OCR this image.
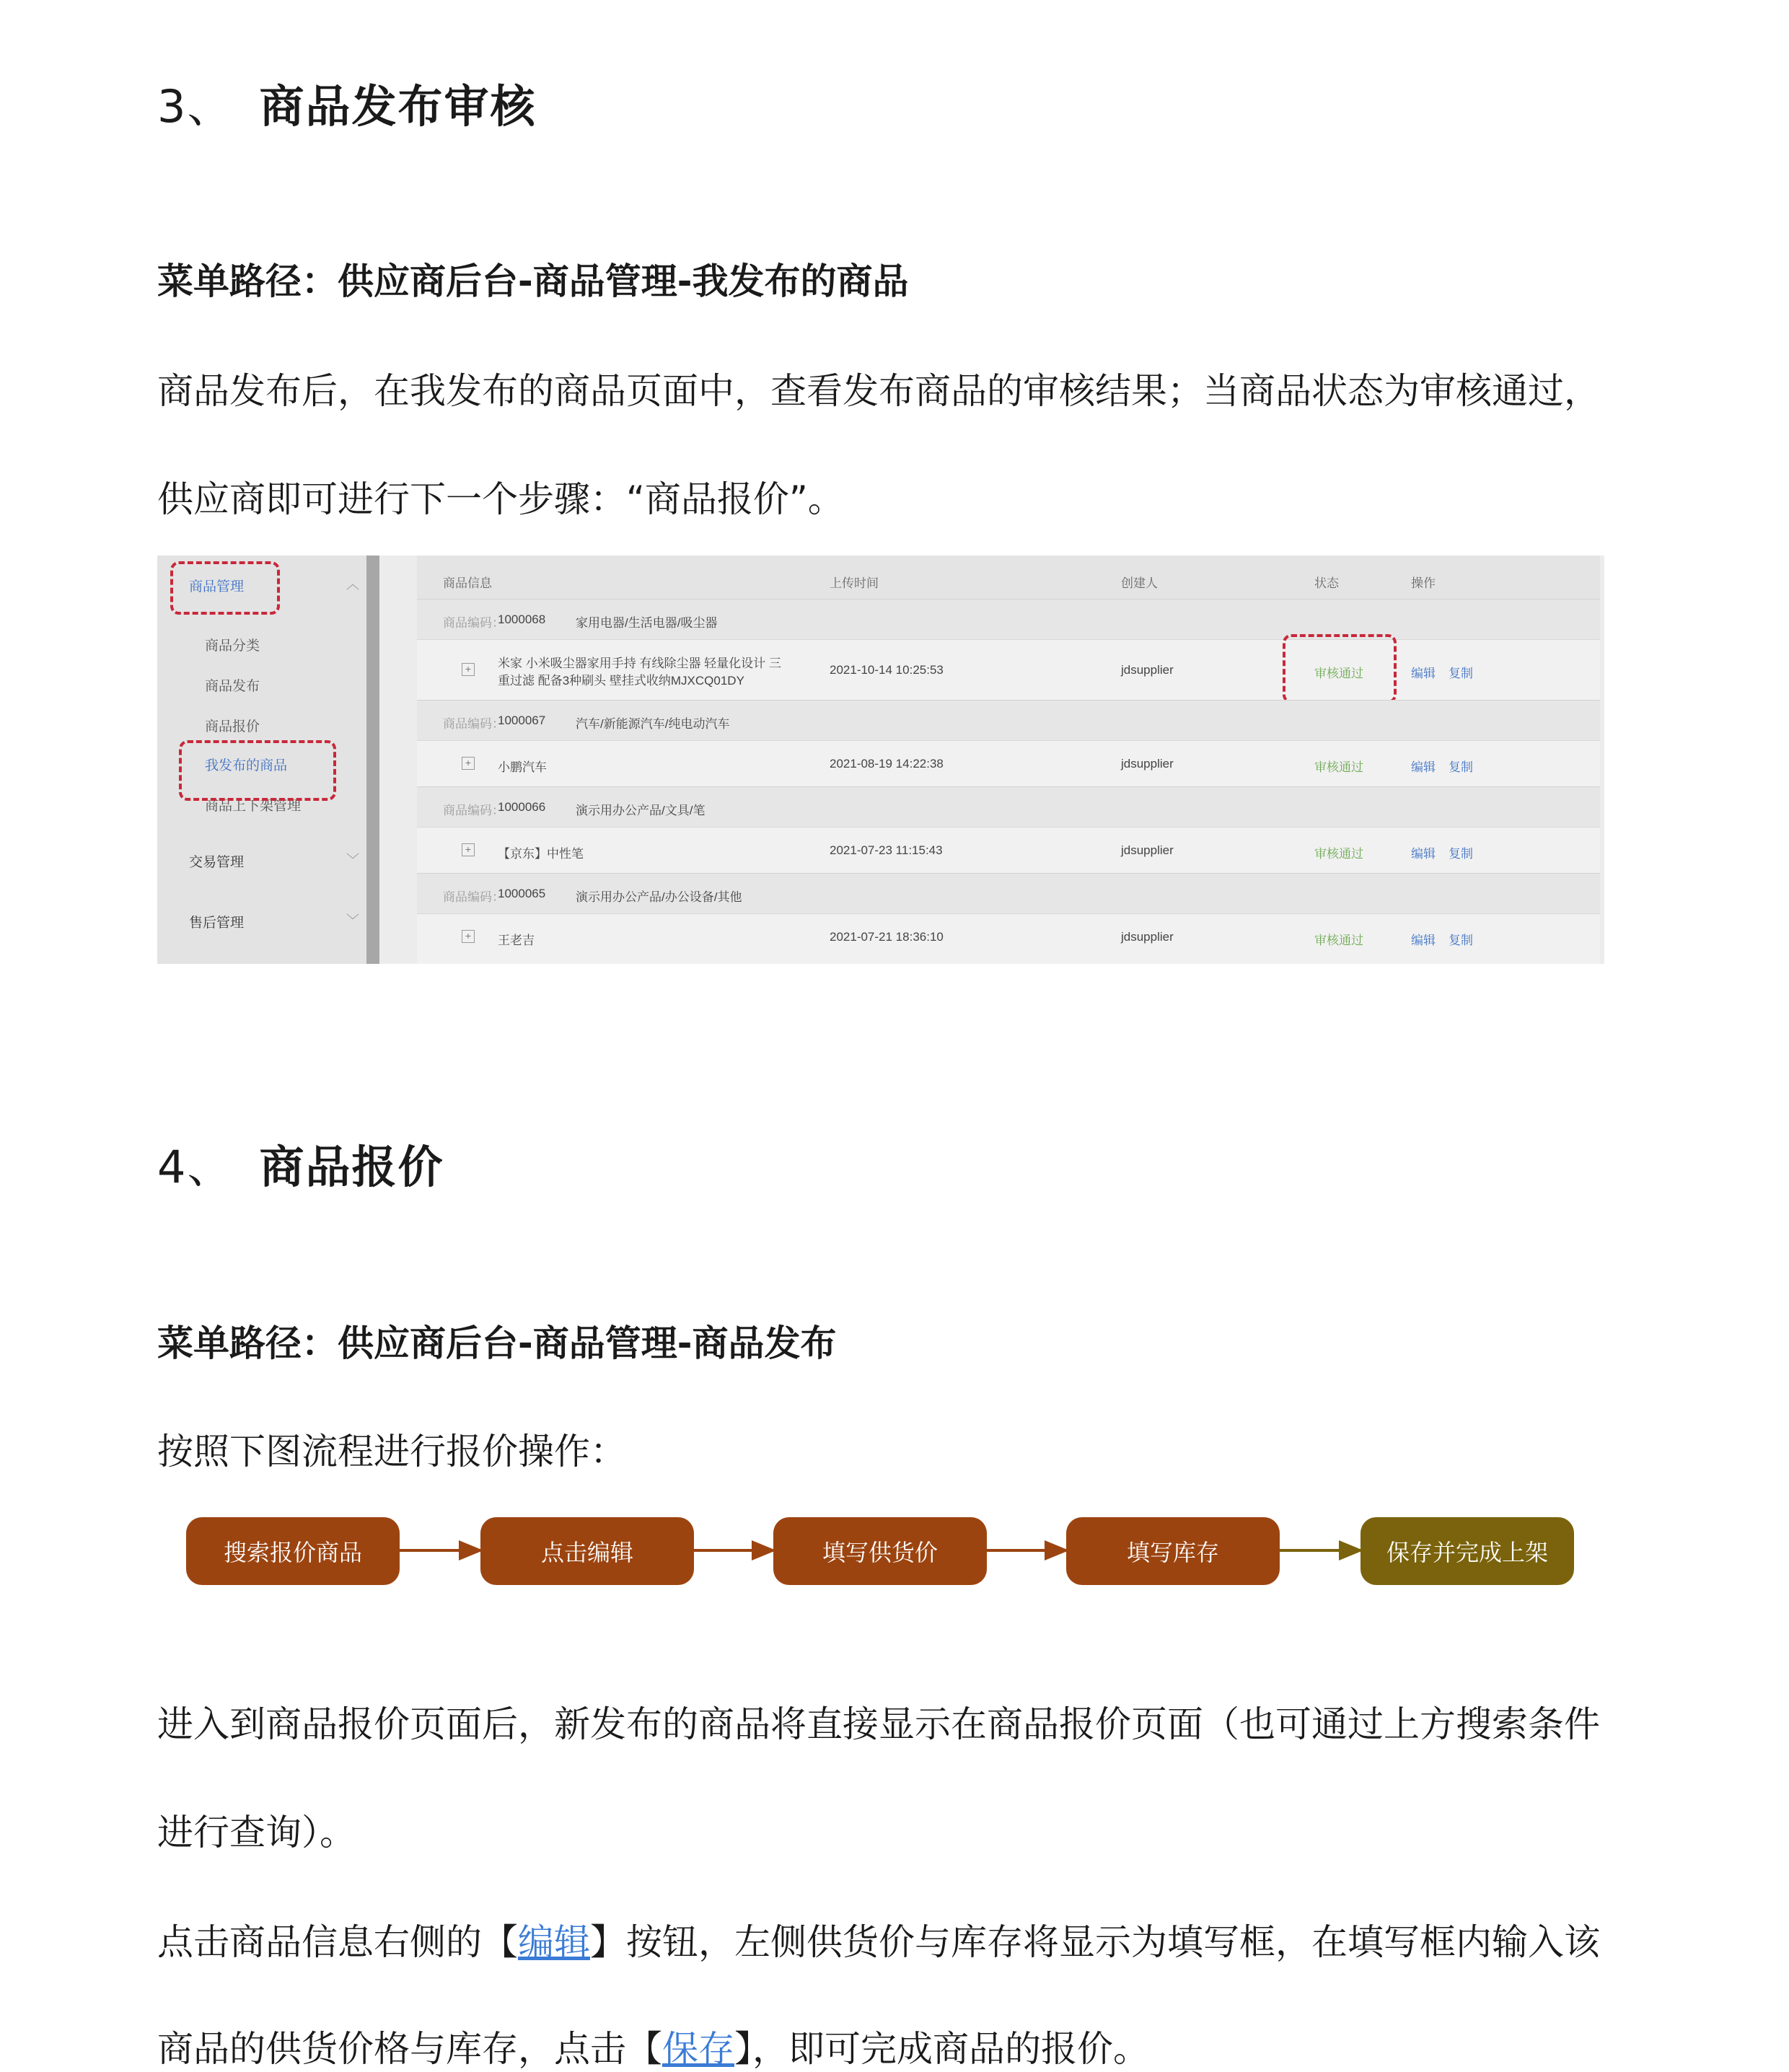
3、 商品发布审核
菜单路径：供应商后台-商品管理-我发布的商品
商品发布后，在我发布的商品页面中，查看发布商品的审核结果；当商品状态为审核通过，
供应商即可进行下一个步骤：“商品报价”。
商品管理	︿
商品分类
商品发布
商品报价
我发布的商品
商品上下架管理
交易管理	﹀
售后管理	﹀
商品信息	上传时间	创建人	状态	操作
商品编码：
1000068 家用电器/生活电器/吸尘器
+ 米家 小米吸尘器家用手持 有线除尘器 轻量化设计 三
重过滤 配备3种刷头 壁挂式收纳MJXCQ01DY
2021-10-14 10:25:53	jdsupplier	审核通过	编辑 复制
商品编码：
1000067 汽车/新能源汽车/纯电动汽车
+ 小鹏汽车	2021-08-19 14:22:38	jdsupplier	审核通过	编辑 复制
商品编码：
1000066 演示用办公产品/文具/笔
+ 【京东】中性笔	2021-07-23 11:15:43	jdsupplier	审核通过	编辑 复制
商品编码：
1000065 演示用办公产品/办公设备/其他
+ 王老吉	2021-07-21 18:36:10	jdsupplier	审核通过	编辑 复制
4、 商品报价
菜单路径：供应商后台-商品管理-商品发布
按照下图流程进行报价操作：
搜索报价商品	点击编辑	填写供货价	填写库存	保存并完成上架
进入到商品报价页面后，新发布的商品将直接显示在商品报价页面（也可通过上方搜索条件
进行查询）。
点击商品信息右侧的【编辑】按钮，左侧供货价与库存将显示为填写框，在填写框内输入该
商品的供货价格与库存，点击【保存】，即可完成商品的报价。
